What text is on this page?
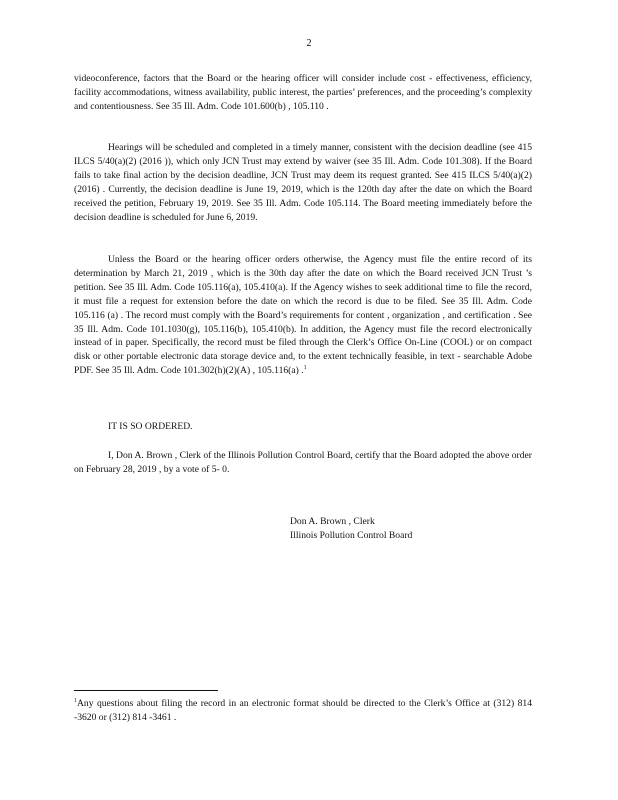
2

videoconference, factors that the Board or the hearing officer will consider include cost - effectiveness, efficiency, facility accommodations, witness availability, public interest, the parties’ preferences, and the proceeding’s complexity and contentiousness. See 35 Ill. Adm. Code 101.600(b) , 105.110 .

Hearings will be scheduled and completed in a timely manner, consistent with the decision deadline (see 415 ILCS 5/40(a)(2) (2016 )), which only JCN Trust may extend by waiver (see 35 Ill. Adm. Code 101.308). If the Board fails to take final action by the decision deadline, JCN Trust may deem its request granted. See 415 ILCS 5/40(a)(2) (2016) . Currently, the decision deadline is June 19, 2019, which is the 120th day after the date on which the Board received the petition, February 19, 2019. See 35 Ill. Adm. Code 105.114. The Board meeting immediately before the decision deadline is scheduled for June 6, 2019.

Unless the Board or the hearing officer orders otherwise, the Agency must file the entire record of its determination by March 21, 2019 , which is the 30th day after the date on which the Board received JCN Trust ’s petition. See 35 Ill. Adm. Code 105.116(a), 105.410(a). If the Agency wishes to seek additional time to file the record, it must file a request for extension before the date on which the record is due to be filed. See 35 Ill. Adm. Code 105.116 (a) . The record must comply with the Board’s requirements for content , organization , and certification . See 35 Ill. Adm. Code 101.1030(g), 105.116(b), 105.410(b). In addition, the Agency must file the record electronically instead of in paper. Specifically, the record must be filed through the Clerk’s Office On-Line (COOL) or on compact disk or other portable electronic data storage device and, to the extent technically feasible, in text - searchable Adobe PDF. See 35 Ill. Adm. Code 101.302(h)(2)(A) , 105.116(a) .$^1$

IT IS SO ORDERED.

I, Don A. Brown , Clerk of the Illinois Pollution Control Board, certify that the Board adopted the above order on February 28, 2019 , by a vote of 5- 0.

Don A. Brown , Clerk
Illinois Pollution Control Board

$^1$Any questions about filing the record in an electronic format should be directed to the Clerk’s Office at (312) 814 -3620 or (312) 814 -3461 .
